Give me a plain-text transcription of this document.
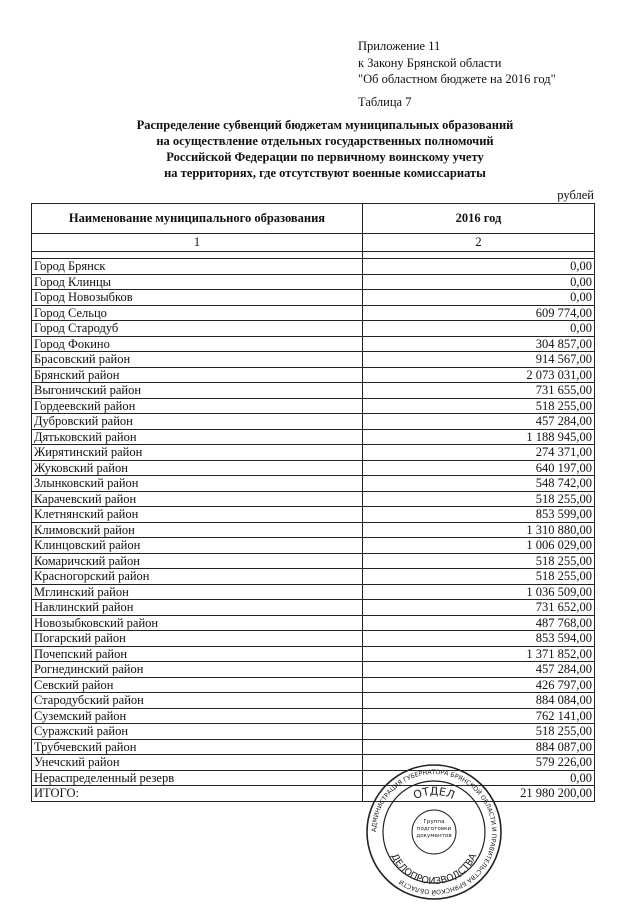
Приложение 11
к Закону Брянской области
"Об областном бюджете на 2016 год"
Таблица 7
Распределение субвенций бюджетам муниципальных образований
на осуществление отдельных государственных полномочий
Российской Федерации по первичному воинскому учету
на территориях, где отсутствуют военные комиссариаты
рублей
Наименование муниципального образования	2016 год
1	2

Город Брянск	0,00
Город Клинцы	0,00
Город Новозыбков	0,00
Город Сельцо	609 774,00
Город Стародуб	0,00
Город Фокино	304 857,00
Брасовский район	914 567,00
Брянский район	2 073 031,00
Выгоничский район	731 655,00
Гордеевский район	518 255,00
Дубровский район	457 284,00
Дятьковский район	1 188 945,00
Жирятинский район	274 371,00
Жуковский район	640 197,00
Злынковский район	548 742,00
Карачевский район	518 255,00
Клетнянский район	853 599,00
Климовский район	1 310 880,00
Клинцовский район	1 006 029,00
Комаричский район	518 255,00
Красногорский район	518 255,00
Мглинский район	1 036 509,00
Навлинский район	731 652,00
Новозыбковский район	487 768,00
Погарский район	853 594,00
Почепский район	1 371 852,00
Рогнединский район	457 284,00
Севский район	426 797,00
Стародубский район	884 084,00
Суземский район	762 141,00
Суражский район	518 255,00
Трубчевский район	884 087,00
Унечский район	579 226,00
Нераспределенный резерв	0,00
ИТОГО:	21 980 200,00
АДМИНИСТРАЦИЯ ГУБЕРНАТОРА БРЯНСКОЙ ОБЛАСТИ И ПРАВИТЕЛЬСТВА БРЯНСКОЙ ОБЛАСТИ
ОТДЕЛ
ДЕЛОПРОИЗВОДСТВА
Группа подготовки документов
